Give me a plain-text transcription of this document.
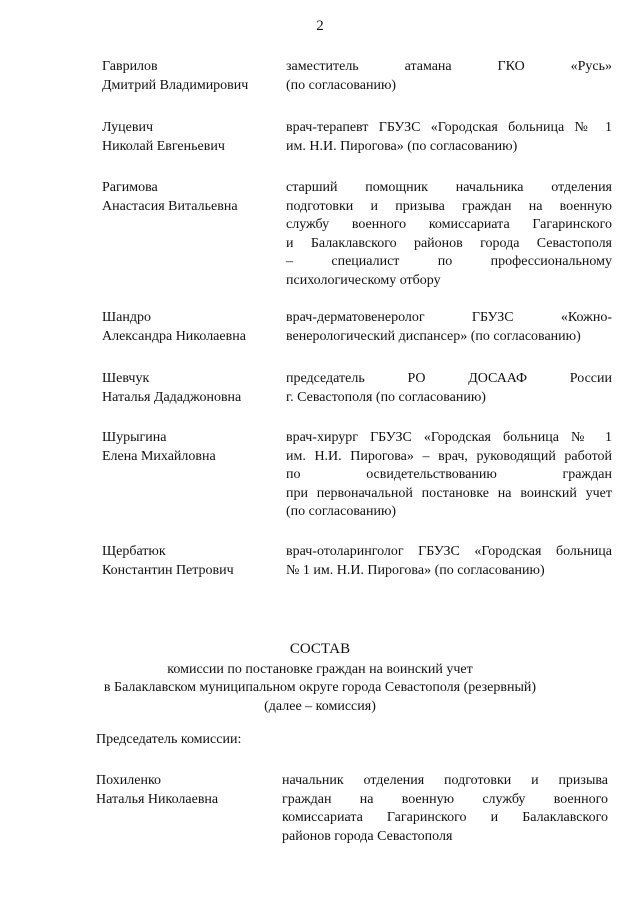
2
Гаврилов
Дмитрий Владимирович
заместитель атамана ГКО «Русь»
(по согласованию)
Луцевич
Николай Евгеньевич
врач-терапевт ГБУЗС «Городская больница № 1
им. Н.И. Пирогова» (по согласованию)
Рагимова
Анастасия Витальевна
старший помощник начальника отделения
подготовки и призыва граждан на военную
службу военного комиссариата Гагаринского
и Балаклавского районов города Севастополя
– специалист по профессиональному
психологическому отбору
Шандро
Александра Николаевна
врач-дерматовенеролог ГБУЗС «Кожно-
венерологический диспансер» (по согласованию)
Шевчук
Наталья Дададжоновна
председатель РО ДОСААФ России
г. Севастополя (по согласованию)
Шурыгина
Елена Михайловна
врач-хирург ГБУЗС «Городская больница № 1
им. Н.И. Пирогова» – врач, руководящий работой
по освидетельствованию граждан
при первоначальной постановке на воинский учет
(по согласованию)
Щербатюк
Константин Петрович
врач-отоларинголог ГБУЗС «Городская больница
№ 1 им. Н.И. Пирогова» (по согласованию)
СОСТАВ
комиссии по постановке граждан на воинский учет
в Балаклавском муниципальном округе города Севастополя (резервный)
(далее – комиссия)
Председатель комиссии:
Похиленко
Наталья Николаевна
начальник отделения подготовки и призыва
граждан на военную службу военного
комиссариата Гагаринского и Балаклавского
районов города Севастополя
